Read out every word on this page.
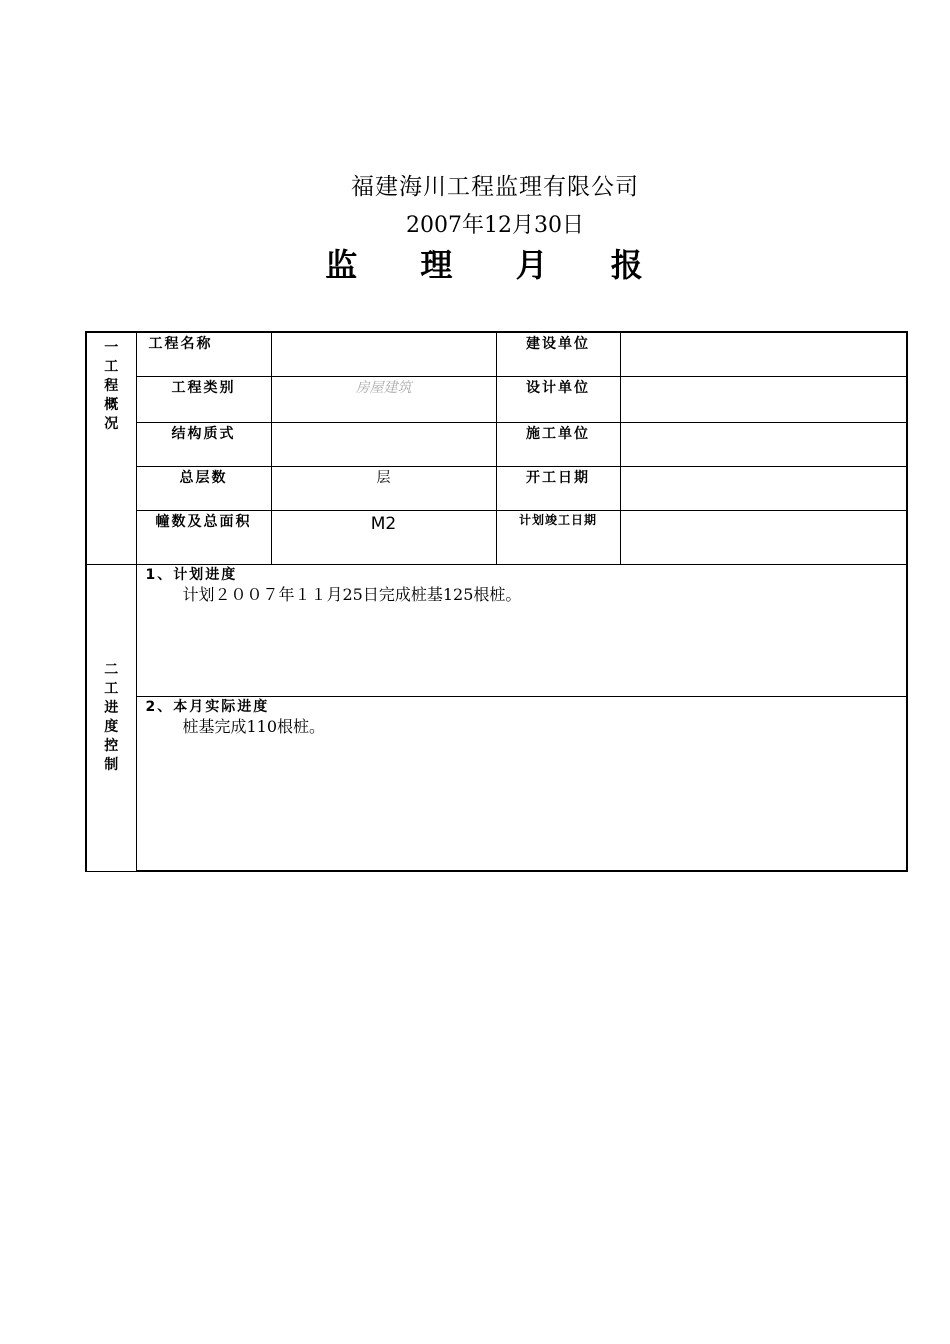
福建海川工程监理有限公司
2007年12月30日
监 理 月 报
一工程概况	工程名称		建设单位	
	工程类别	房屋建筑	设计单位	
	结构质式		施工单位	
	总层数	层	开工日期	
	幢数及总面积	M2	计划竣工日期	

二工进度控制	1、计划进度
计划２００７年１１月25日完成桩基125根桩。			

	2、本月实际进度
桩基完成110根桩。			
